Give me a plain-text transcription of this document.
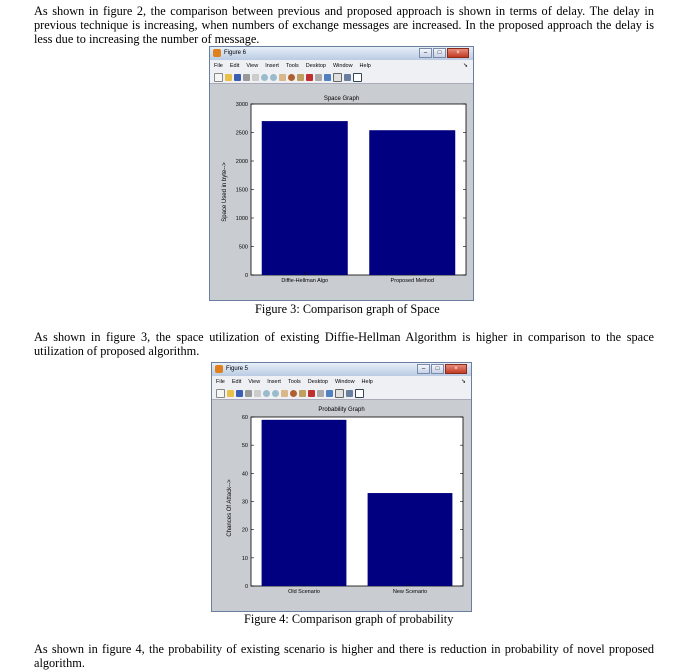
As shown in figure 2, the comparison between previous and proposed approach is shown in terms of delay. The delay in previous technique is increasing, when numbers of exchange messages are increased. In the proposed approach the delay is less due to increasing the number of message.

Figure 6	–	□	×
File Edit View Insert Tools Desktop Window Help	➘
Space Graph
Space Used in byte-->
0
500
1000
1500
2000
2500
3000
Diffie-Hellman Algo	Proposed Method

Figure 3: Comparison graph of Space

As shown in figure 3, the space utilization of existing Diffie-Hellman Algorithm is higher in comparison to the space utilization of proposed algorithm.

Figure 5	–	□	×
File Edit View Insert Tools Desktop Window Help	➘
Probability Graph
Chances Of Attack-->
0
10
20
30
40
50
60
Old Scenario	New Scenario

Figure 4: Comparison graph of probability

As shown in figure 4, the probability of existing scenario is higher and there is reduction in probability of novel proposed algorithm.
